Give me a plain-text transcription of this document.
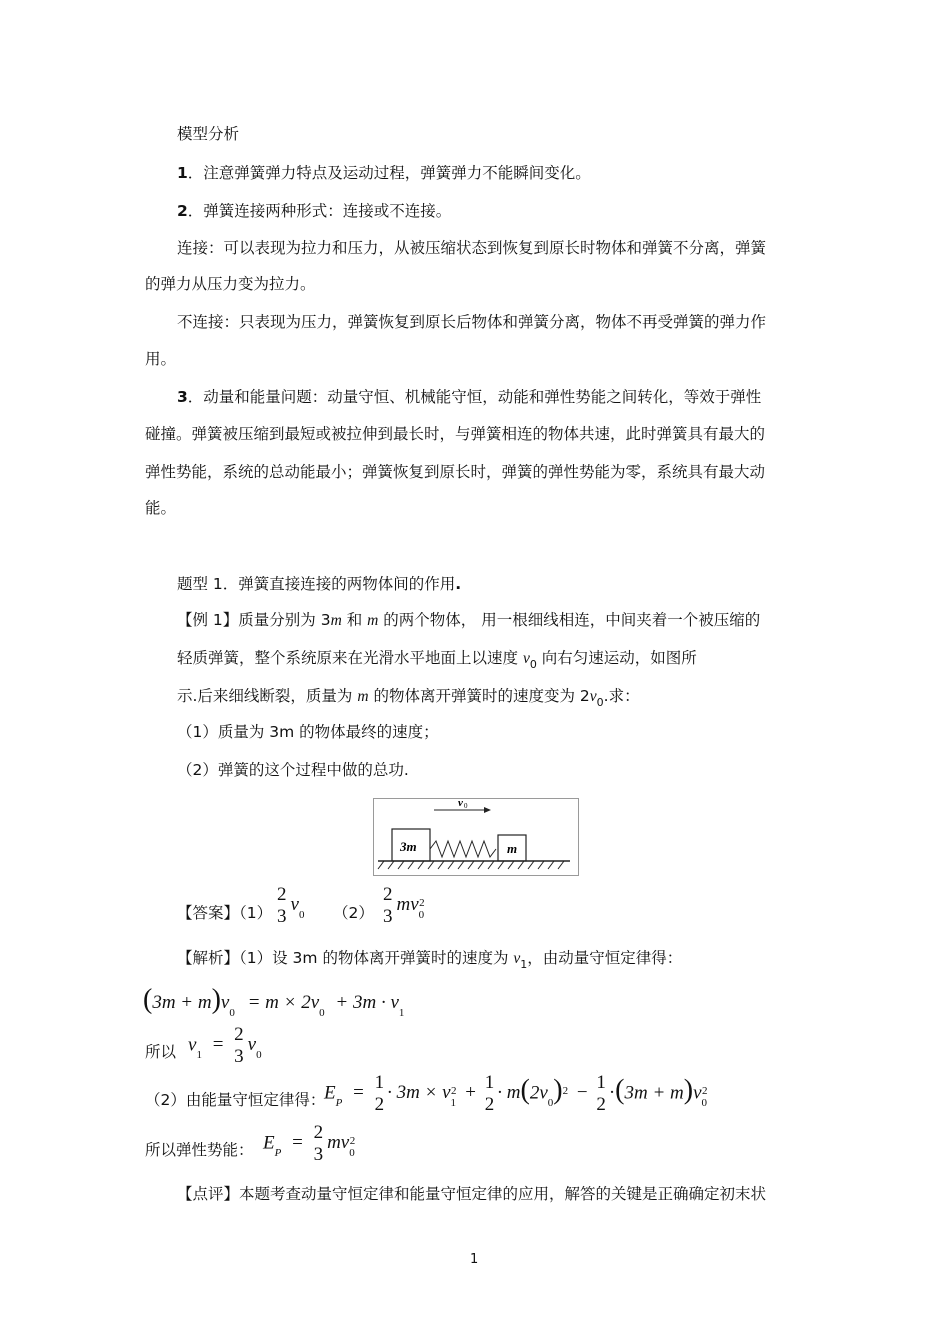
模型分析
1．注意弹簧弹力特点及运动过程，弹簧弹力不能瞬间变化。
2．弹簧连接两种形式：连接或不连接。
连接：可以表现为拉力和压力，从被压缩状态到恢复到原长时物体和弹簧不分离，弹簧
的弹力从压力变为拉力。
不连接：只表现为压力，弹簧恢复到原长后物体和弹簧分离，物体不再受弹簧的弹力作
用。
3．动量和能量问题：动量守恒、机械能守恒，动能和弹性势能之间转化，等效于弹性
碰撞。弹簧被压缩到最短或被拉伸到最长时，与弹簧相连的物体共速，此时弹簧具有最大的
弹性势能，系统的总动能最小；弹簧恢复到原长时，弹簧的弹性势能为零，系统具有最大动
能。
题型 1．弹簧直接连接的两物体间的作用.
【例 1】质量分别为 3m 和 m 的两个物体， 用一根细线相连，中间夹着一个被压缩的
轻质弹簧，整个系统原来在光滑水平地面上以速度 $v_0$ 向右匀速运动，如图所
示.后来细线断裂，质量为 m 的物体离开弹簧时的速度变为 $2v_0$.求：
（1）质量为 3m 的物体最终的速度；
（2）弹簧的这个过程中做的总功.
v 0
3m	m
【答案】（1）
2
3
$v_0$ （2）
2
3
$mv_0^2$
【解析】（1）设 3m 的物体离开弹簧时的速度为 $v_1$，由动量守恒定律得：
$(3m + m)v_0 = m \times 2v_0 + 3m \cdot v_1$
所以 $v_1 = 2$
3
$v_0$
（2）由能量守恒定律得：
$E_P = 1$
2
· $3m \times v_1^2 + 1$
2
· $m(2v_0)^2 - 1$
2
$\cdot(3m + m)v_0^2$
所以弹性势能： $E_P = 2$
3
$mv_0^2$
【点评】本题考查动量守恒定律和能量守恒定律的应用，解答的关键是正确确定初末状
1
